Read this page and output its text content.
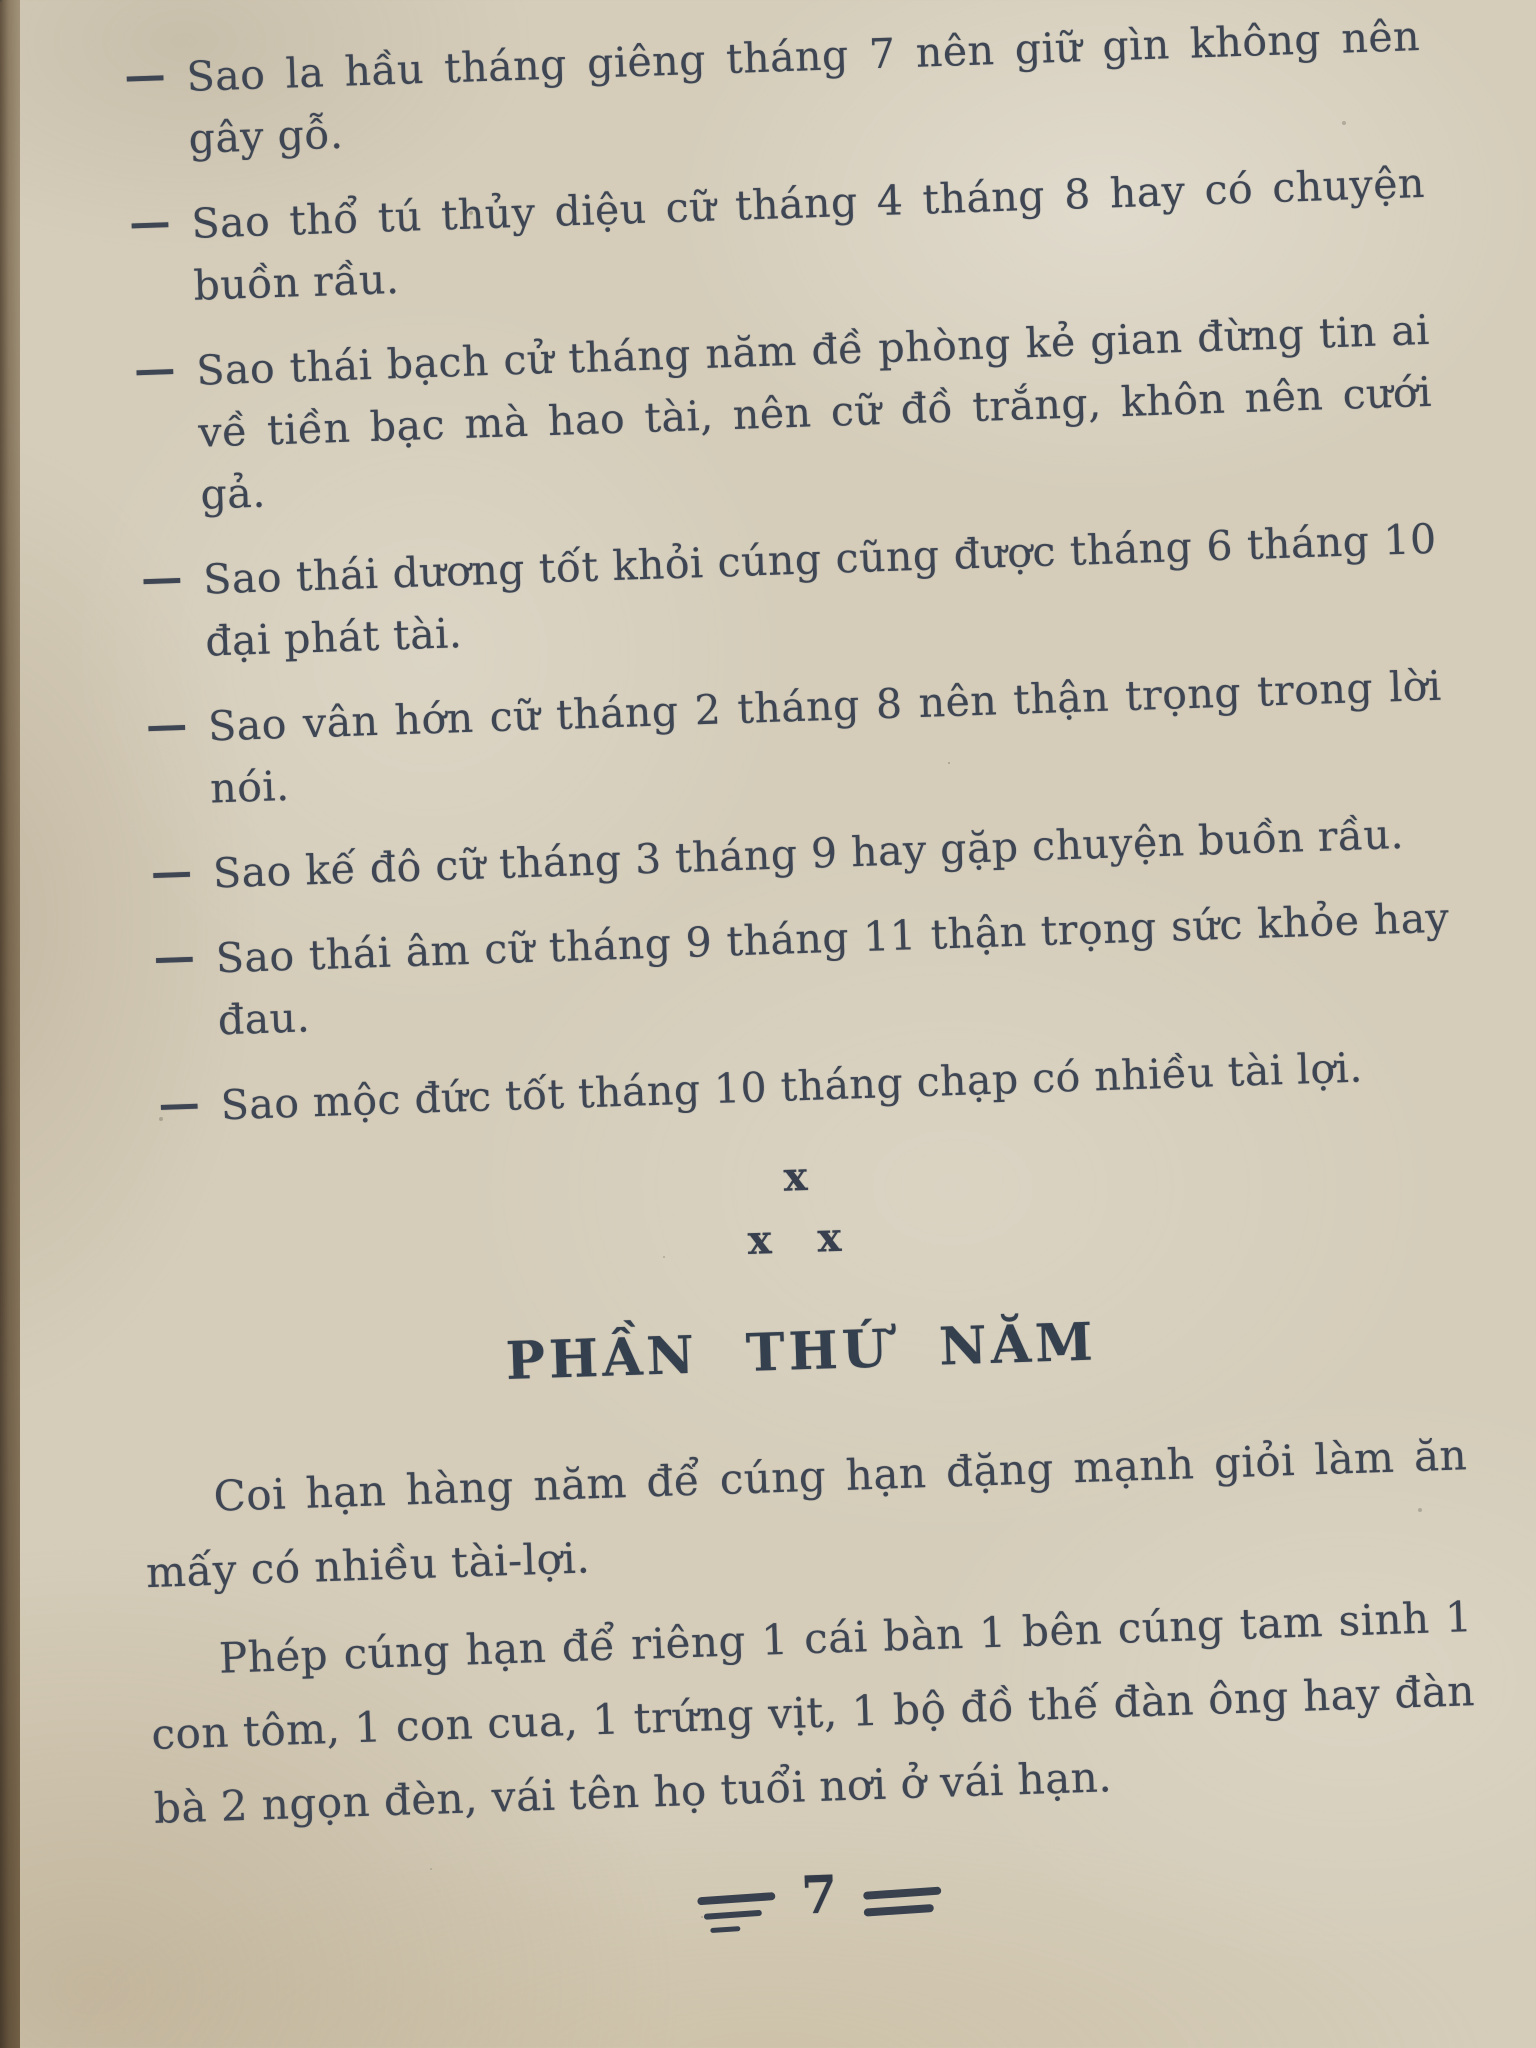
— Sao la hầu tháng giêng tháng 7 nên giữ gìn không nên gây gỗ.
— Sao thổ tú thủy diệu cữ tháng 4 tháng 8 hay có chuyện buồn rầu.
— Sao thái bạch cử tháng năm đề phòng kẻ gian đừng tin ai về tiền bạc mà hao tài, nên cữ đồ trắng, khôn nên cưới gả.
— Sao thái dương tốt khỏi cúng cũng được tháng 6 tháng 10 đại phát tài.
— Sao vân hớn cữ tháng 2 tháng 8 nên thận trọng trong lời nói.
— Sao kế đô cữ tháng 3 tháng 9 hay gặp chuyện buồn rầu.
— Sao thái âm cữ tháng 9 tháng 11 thận trọng sức khỏe hay đau.
— Sao mộc đức tốt tháng 10 tháng chạp có nhiều tài lợi.
x
x x
PHẦN THỨ NĂM

Coi hạn hàng năm để cúng hạn đặng mạnh giỏi làm ăn mấy có nhiều tài-lợi.

Phép cúng hạn để riêng 1 cái bàn 1 bên cúng tam sinh 1 con tôm, 1 con cua, 1 trứng vịt, 1 bộ đồ thế đàn ông hay đàn bà 2 ngọn đèn, vái tên họ tuổi nơi ở vái hạn.

7
